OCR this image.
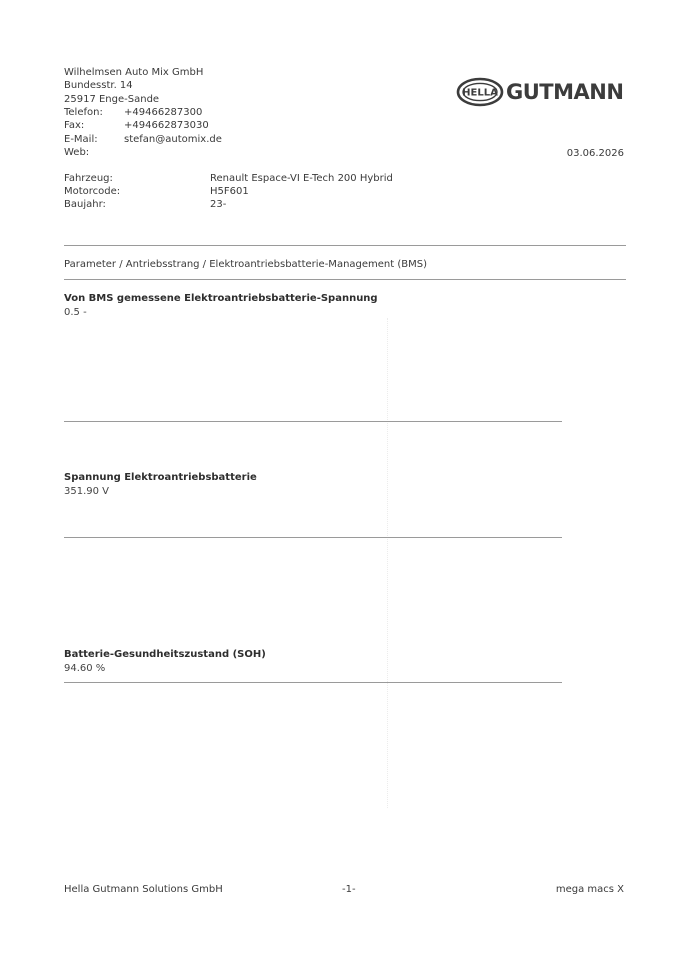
Wilhelmsen Auto Mix GmbH
Bundesstr. 14
25917 Enge-Sande
Telefon:	+49466287300
Fax:	+494662873030
E-Mail:	stefan@automix.de
Web:
HELLA GUTMANN
03.06.2026
Fahrzeug:	Renault Espace-VI E-Tech 200 Hybrid
Motorcode:	H5F601
Baujahr:	23-
Parameter / Antriebsstrang / Elektroantriebsbatterie-Management (BMS)
Von BMS gemessene Elektroantriebsbatterie-Spannung
0.5 -
Spannung Elektroantriebsbatterie
351.90 V
Batterie-Gesundheitszustand (SOH)
94.60 %
Hella Gutmann Solutions GmbH	-1-	mega macs X
